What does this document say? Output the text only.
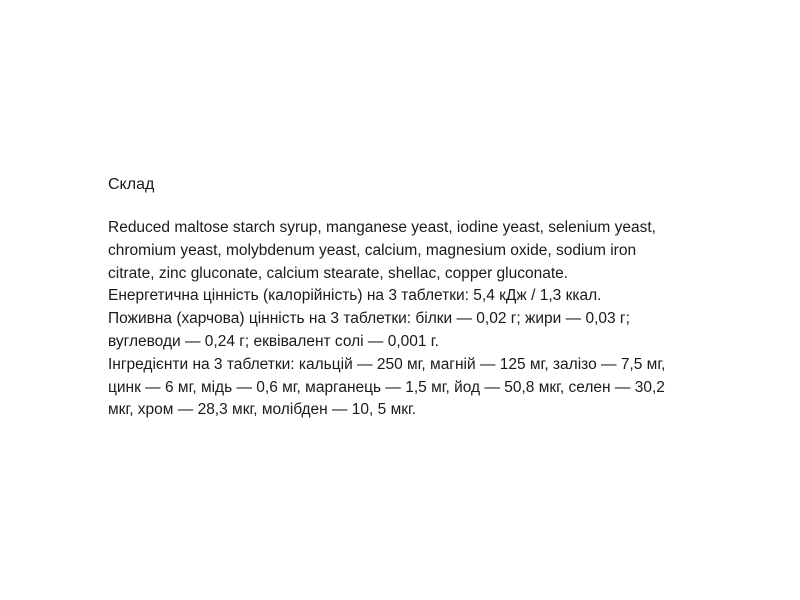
Склад

Reduced maltose starch syrup, manganese yeast, iodine yeast, selenium yeast,
chromium yeast, molybdenum yeast, calcium, magnesium oxide, sodium iron
citrate, zinc gluconate, calcium stearate, shellac, copper gluconate.
Енергетична цінність (калорійність) на 3 таблетки: 5,4 кДж / 1,3 ккал.
Поживна (харчова) цінність на 3 таблетки: білки — 0,02 г; жири — 0,03 г;
вуглеводи — 0,24 г; еквівалент солі — 0,001 г.
Інгредієнти на 3 таблетки: кальцій — 250 мг, магній — 125 мг, залізо — 7,5 мг,
цинк — 6 мг, мідь — 0,6 мг, марганець — 1,5 мг, йод — 50,8 мкг, селен — 30,2
мкг, хром — 28,3 мкг, молібден — 10, 5 мкг.
